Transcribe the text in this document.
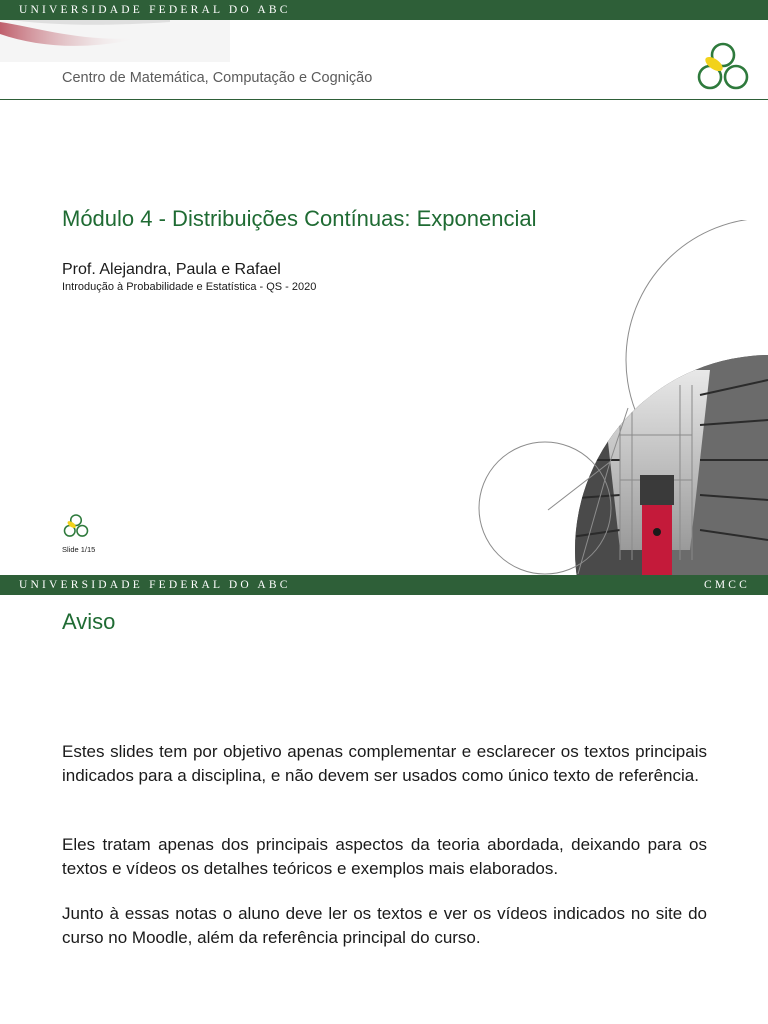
UNIVERSIDADE FEDERAL DO ABC
Centro de Matemática, Computação e Cognição
Módulo 4 - Distribuições Contínuas: Exponencial
Prof. Alejandra, Paula e Rafael
Introdução à Probabilidade e Estatística - QS - 2020
Slide 1/15
UNIVERSIDADE FEDERAL DO ABC	CMCC
Aviso

Estes slides tem por objetivo apenas complementar e esclarecer os textos principais indicados para a disciplina, e não devem ser usados como único texto de referência.

Eles tratam apenas dos principais aspectos da teoria abordada, deixando para os textos e vídeos os detalhes teóricos e exemplos mais elaborados.

Junto à essas notas o aluno deve ler os textos e ver os vídeos indicados no site do curso no Moodle, além da referência principal do curso.
